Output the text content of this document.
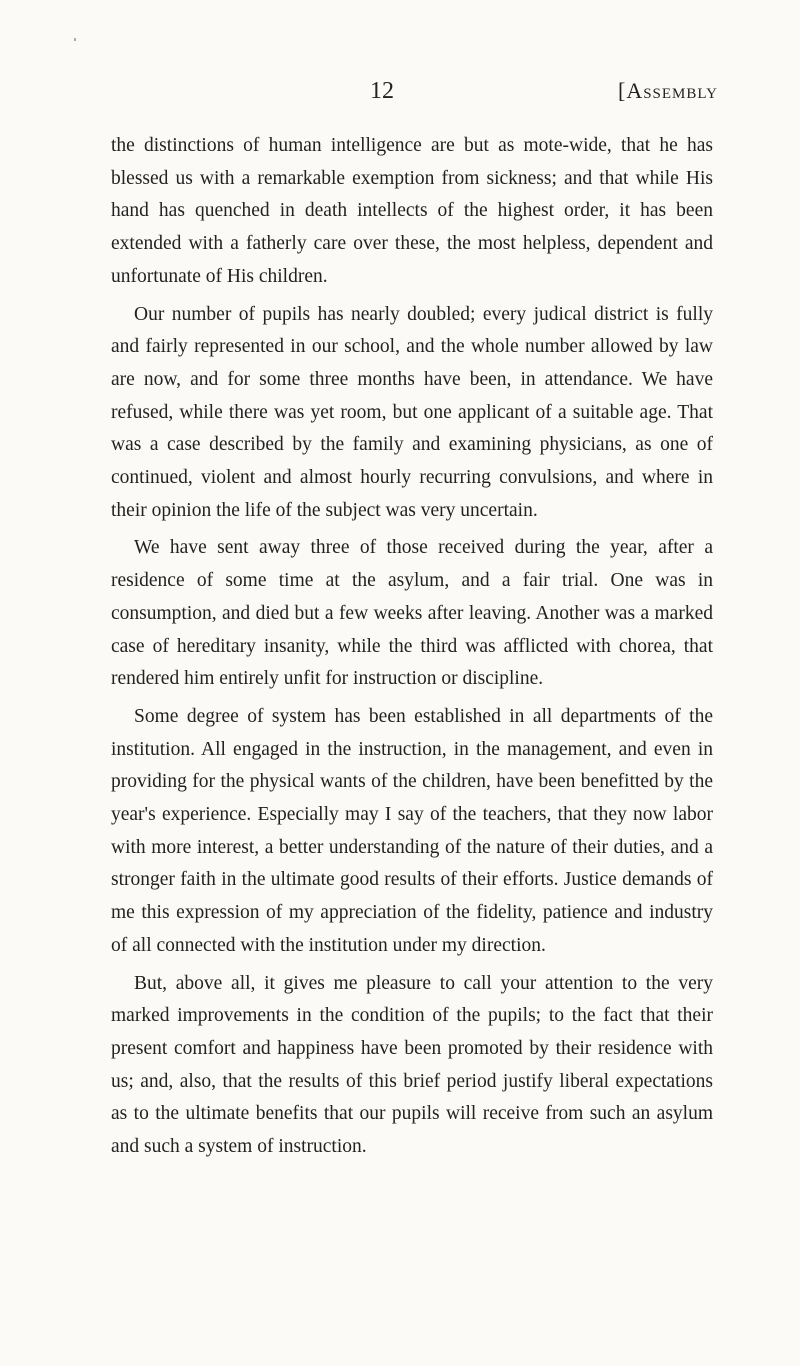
12	[Assembly

the distinctions of human intelligence are but as mote-wide, that he has blessed us with a remarkable exemption from sickness; and that while His hand has quenched in death intellects of the highest order, it has been extended with a fatherly care over these, the most helpless, dependent and unfortunate of His children.

Our number of pupils has nearly doubled; every judical district is fully and fairly represented in our school, and the whole number allowed by law are now, and for some three months have been, in attendance. We have refused, while there was yet room, but one applicant of a suitable age. That was a case described by the family and examining physicians, as one of continued, violent and almost hourly recurring convulsions, and where in their opinion the life of the subject was very uncertain.

We have sent away three of those received during the year, after a residence of some time at the asylum, and a fair trial. One was in consumption, and died but a few weeks after leaving. Another was a marked case of hereditary insanity, while the third was afflicted with chorea, that rendered him entirely unfit for instruction or discipline.

Some degree of system has been established in all departments of the institution. All engaged in the instruction, in the management, and even in providing for the physical wants of the children, have been benefitted by the year's experience. Especially may I say of the teachers, that they now labor with more interest, a better understanding of the nature of their duties, and a stronger faith in the ultimate good results of their efforts. Justice demands of me this expression of my appreciation of the fidelity, patience and industry of all connected with the institution under my direction.

But, above all, it gives me pleasure to call your attention to the very marked improvements in the condition of the pupils; to the fact that their present comfort and happiness have been promoted by their residence with us; and, also, that the results of this brief period justify liberal expectations as to the ultimate benefits that our pupils will receive from such an asylum and such a system of instruction.
